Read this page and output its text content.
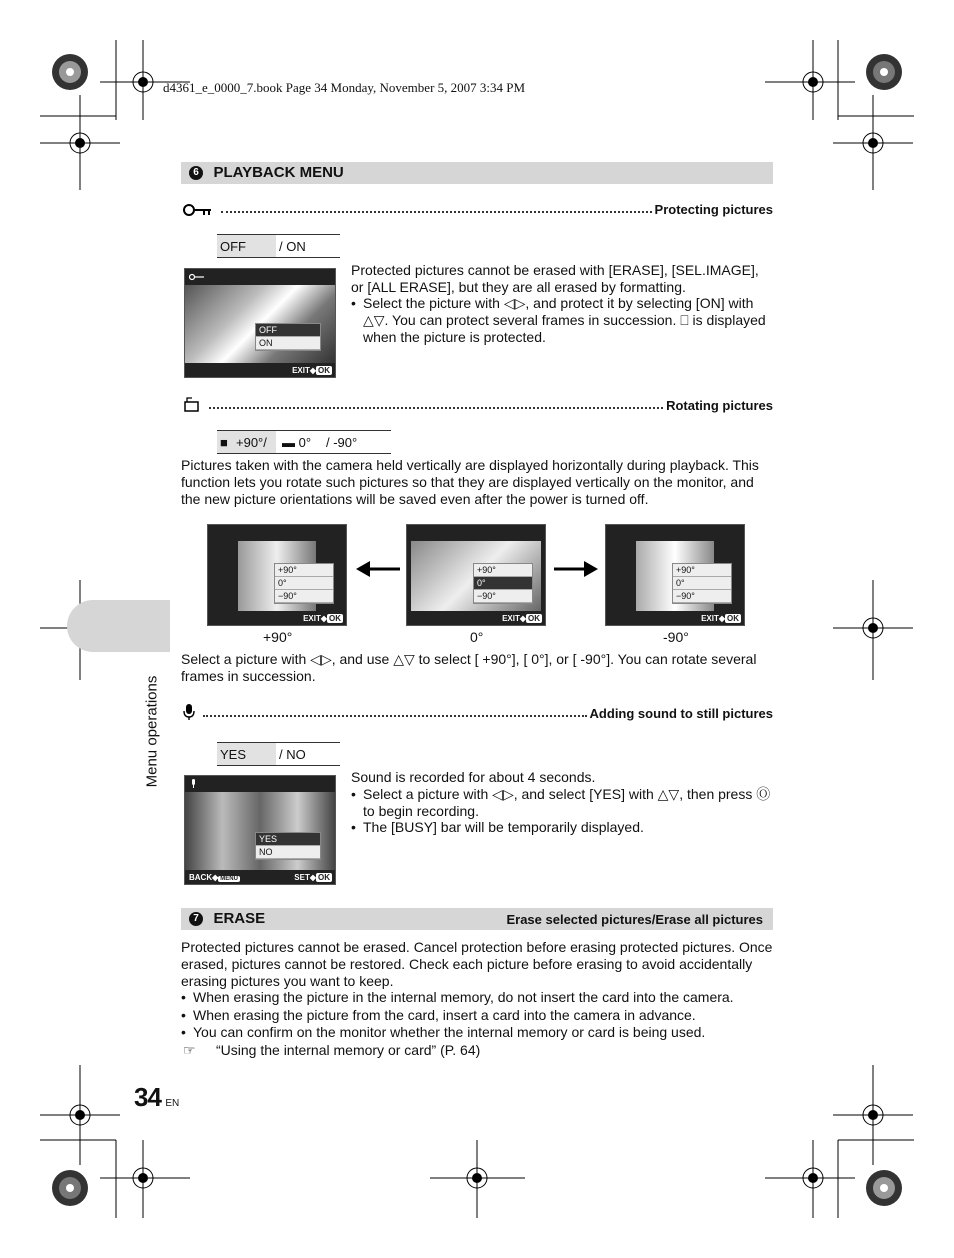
d4361_e_0000_7.book Page 34 Monday, November 5, 2007 3:34 PM
6 PLAYBACK MENU
Protecting pictures
OFF	/ ON
OFF
ON
EXIT◆ OK
Protected pictures cannot be erased with [ERASE], [SEL.IMAGE], or [ALL ERASE], but they are all erased by formatting.
• Select the picture with ◁▷, and protect it by selecting [ON] with △▽. You can protect several frames in succession. ⎕ is displayed when the picture is protected.
Rotating pictures
■ +90°/	▬ 0°	/ -90°
Pictures taken with the camera held vertically are displayed horizontally during playback. This function lets you rotate such pictures so that they are displayed vertically on the monitor, and the new picture orientations will be saved even after the power is turned off.
+90°
0°
−90°
EXIT◆ OK
+90°
0°
−90°
EXIT◆ OK
+90°
0°
−90°
EXIT◆ OK
+90°	0°	-90°
Select a picture with ◁▷, and use △▽ to select [ +90°], [ 0°], or [ -90°]. You can rotate several frames in succession.
Adding sound to still pictures
YES	/ NO
YES
NO
BACK◆ MENU	SET◆ OK
Sound is recorded for about 4 seconds.
• Select a picture with ◁▷, and select [YES] with △▽, then press Ⓞ to begin recording.
• The [BUSY] bar will be temporarily displayed.
7 ERASE	Erase selected pictures/Erase all pictures
Protected pictures cannot be erased. Cancel protection before erasing protected pictures. Once erased, pictures cannot be restored. Check each picture before erasing to avoid accidentally erasing pictures you want to keep.
• When erasing the picture in the internal memory, do not insert the card into the camera.
• When erasing the picture from the card, insert a card into the camera in advance.
• You can confirm on the monitor whether the internal memory or card is being used.
☞	“Using the internal memory or card” (P. 64)
Menu operations
34 EN
